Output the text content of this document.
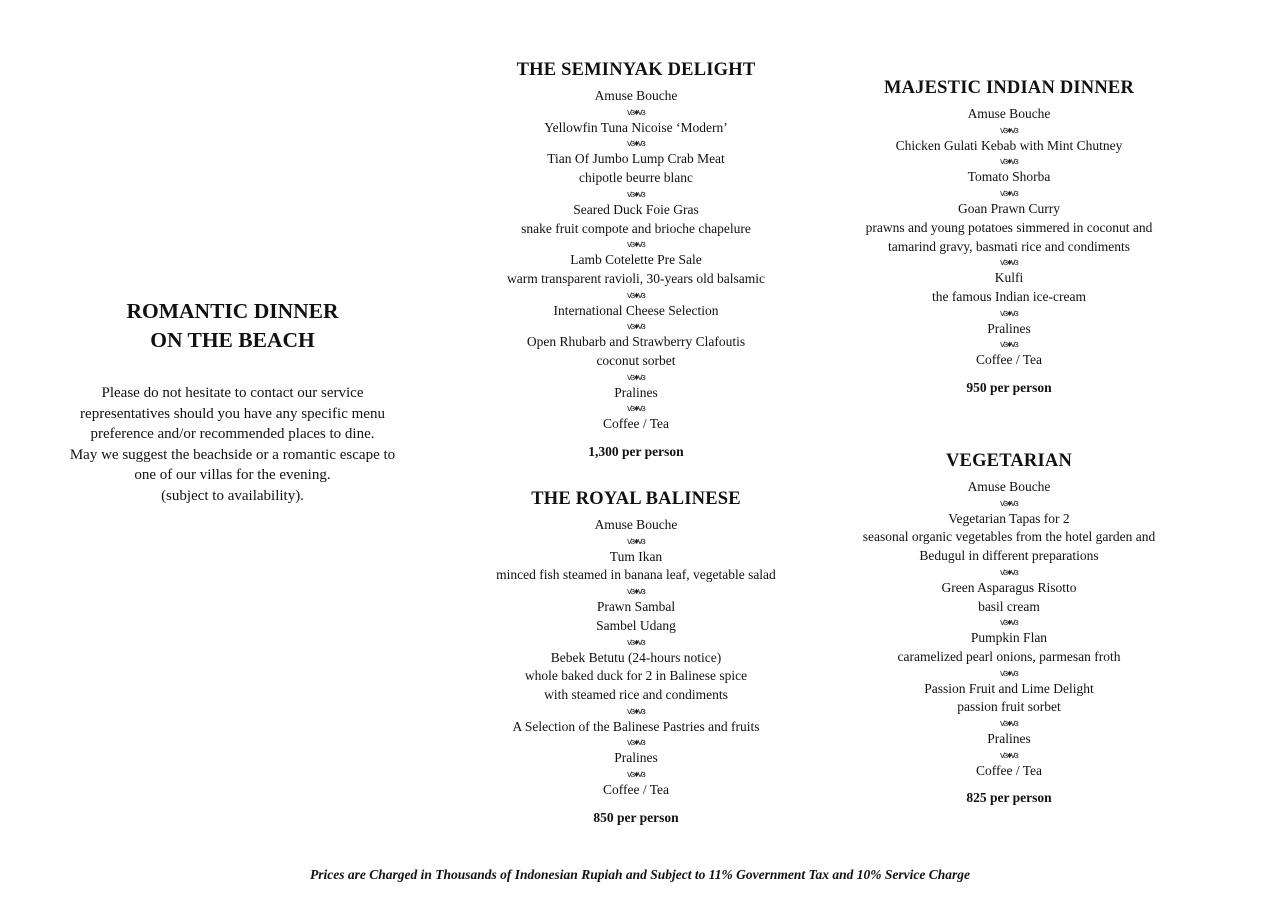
ROMANTIC DINNER
ON THE BEACH
Please do not hesitate to contact our service
representatives should you have any specific menu
preference and/or recommended places to dine.
May we suggest the beachside or a romantic escape to
one of our villas for the evening.
(subject to availability).
THE SEMINYAK DELIGHT
Amuse Bouche
ꟃ♦ꟃ
Yellowfin Tuna Nicoise ‘Modern’
ꟃ♦ꟃ
Tian Of Jumbo Lump Crab Meat
chipotle beurre blanc
ꟃ♦ꟃ
Seared Duck Foie Gras
snake fruit compote and brioche chapelure
ꟃ♦ꟃ
Lamb Cotelette Pre Sale
warm transparent ravioli, 30-years old balsamic
ꟃ♦ꟃ
International Cheese Selection
ꟃ♦ꟃ
Open Rhubarb and Strawberry Clafoutis
coconut sorbet
ꟃ♦ꟃ
Pralines
ꟃ♦ꟃ
Coffee / Tea
1,300 per person
THE ROYAL BALINESE
Amuse Bouche
ꟃ♦ꟃ
Tum Ikan
minced fish steamed in banana leaf, vegetable salad
ꟃ♦ꟃ
Prawn Sambal
Sambel Udang
ꟃ♦ꟃ
Bebek Betutu (24-hours notice)
whole baked duck for 2 in Balinese spice
with steamed rice and condiments
ꟃ♦ꟃ
A Selection of the Balinese Pastries and fruits
ꟃ♦ꟃ
Pralines
ꟃ♦ꟃ
Coffee / Tea
850 per person
MAJESTIC INDIAN DINNER
Amuse Bouche
ꟃ♦ꟃ
Chicken Gulati Kebab with Mint Chutney
ꟃ♦ꟃ
Tomato Shorba
ꟃ♦ꟃ
Goan Prawn Curry
prawns and young potatoes simmered in coconut and
tamarind gravy, basmati rice and condiments
ꟃ♦ꟃ
Kulfi
the famous Indian ice-cream
ꟃ♦ꟃ
Pralines
ꟃ♦ꟃ
Coffee / Tea
950 per person
VEGETARIAN
Amuse Bouche
ꟃ♦ꟃ
Vegetarian Tapas for 2
seasonal organic vegetables from the hotel garden and
Bedugul in different preparations
ꟃ♦ꟃ
Green Asparagus Risotto
basil cream
ꟃ♦ꟃ
Pumpkin Flan
caramelized pearl onions, parmesan froth
ꟃ♦ꟃ
Passion Fruit and Lime Delight
passion fruit sorbet
ꟃ♦ꟃ
Pralines
ꟃ♦ꟃ
Coffee / Tea
825 per person
Prices are Charged in Thousands of Indonesian Rupiah and Subject to 11% Government Tax and 10% Service Charge
